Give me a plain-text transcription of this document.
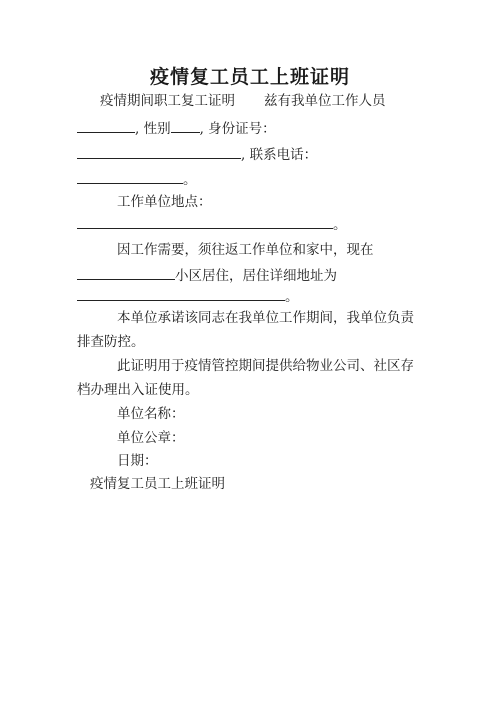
疫情复工员工上班证明
疫情期间职工复工证明 兹有我单位工作人员
, 性别 , 身份证号：
, 联系电话：
。
工作单位地点：
。
因工作需要，须往返工作单位和家中，现在
小区居住，居住详细地址为
。
本单位承诺该同志在我单位工作期间，我单位负责
排查防控。
此证明用于疫情管控期间提供给物业公司、社区存
档办理出入证使用。
单位名称：
单位公章：
日期：
疫情复工员工上班证明
